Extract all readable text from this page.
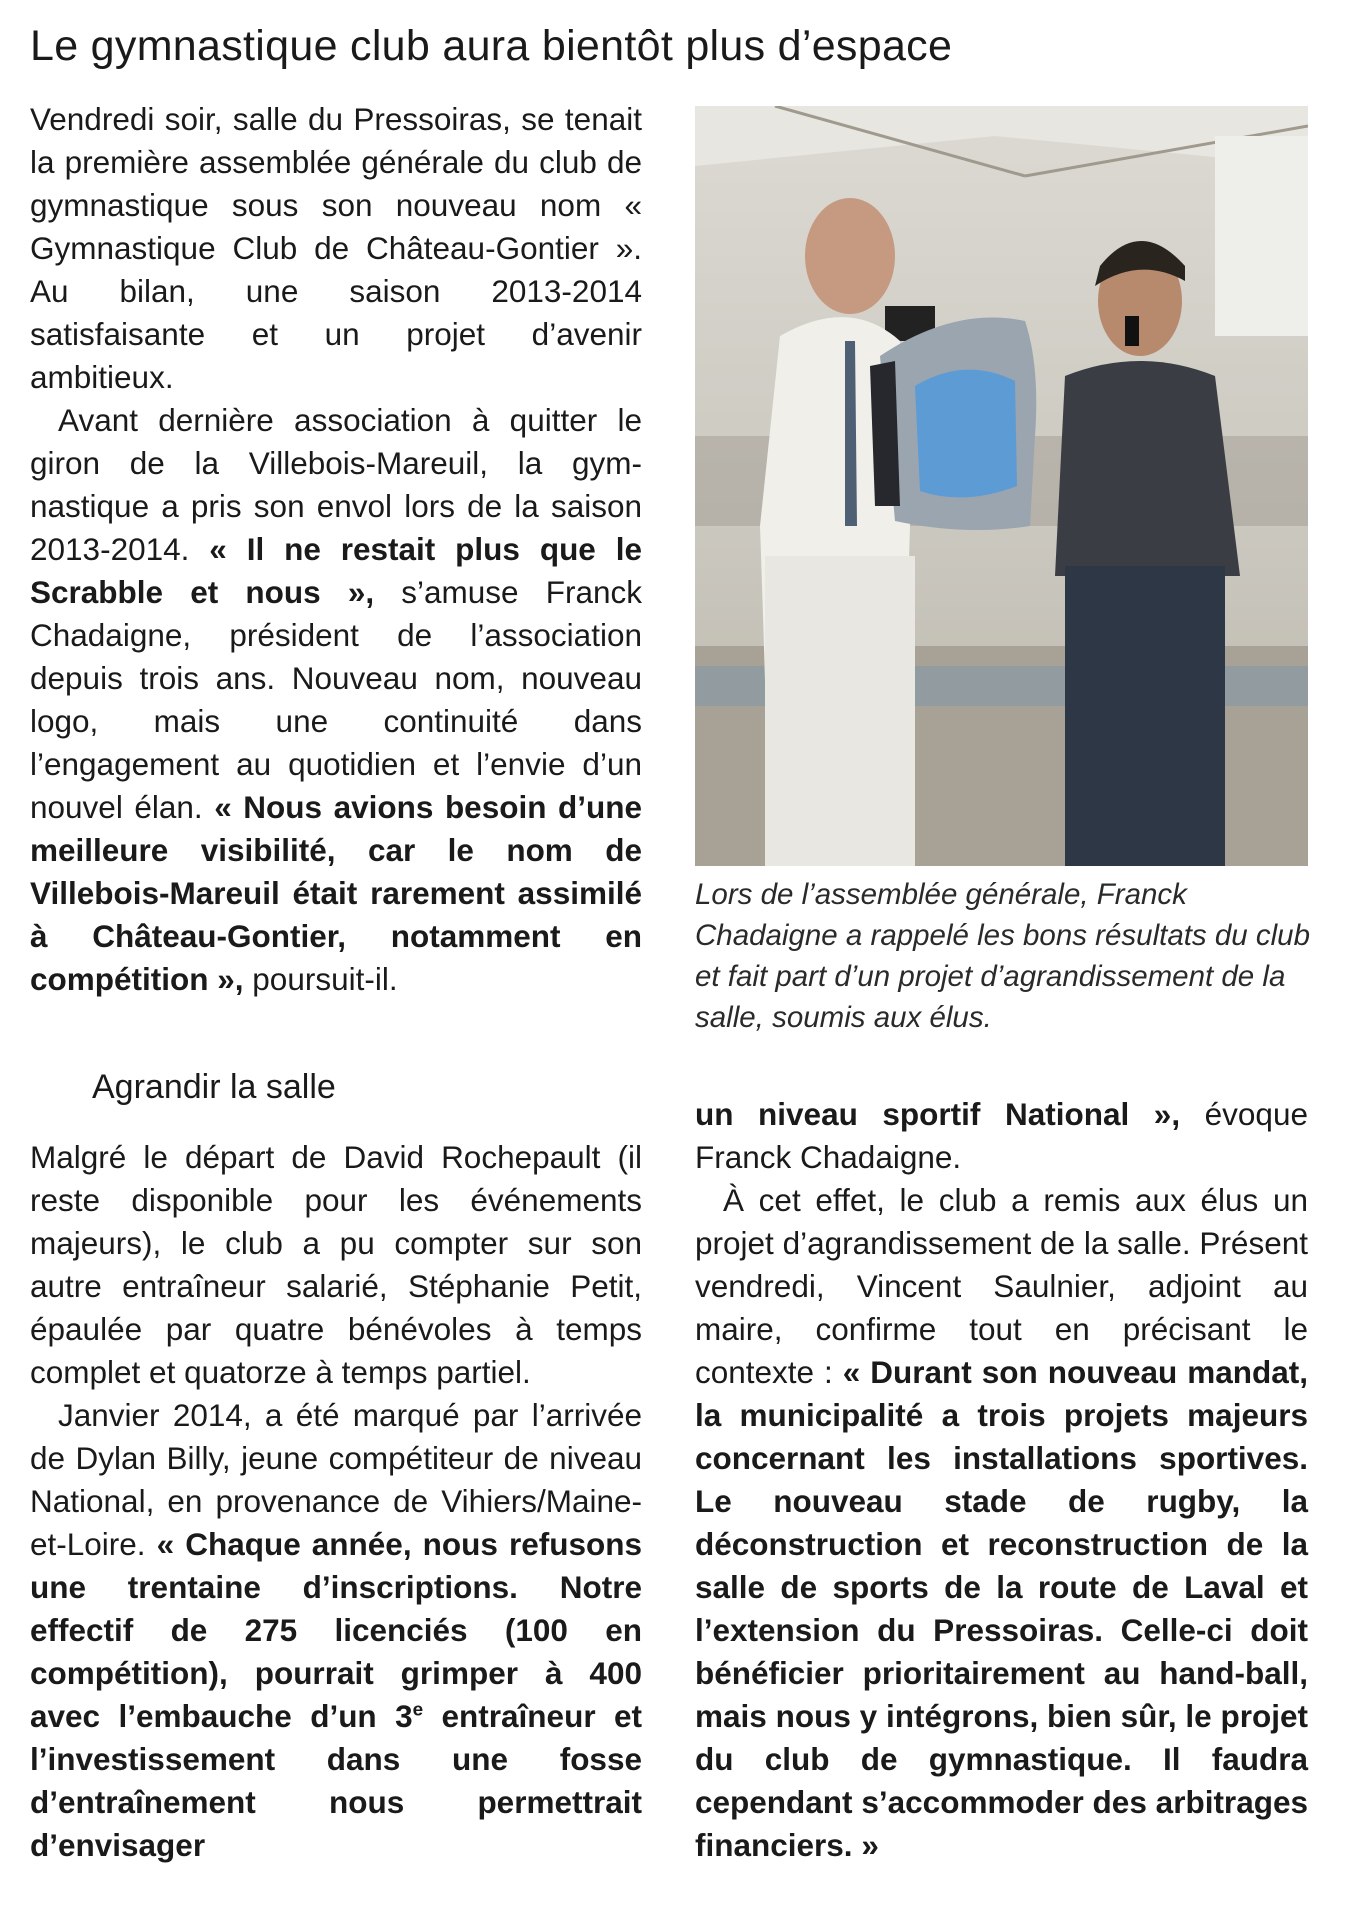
Le gymnastique club aura bientôt plus d’espace

Vendredi soir, salle du Pressoiras, se tenait la première assemblée générale du club de gymnastique sous son nouveau nom « Gymnastique Club de Château-Gontier ». Au bilan, une saison 2013-2014 satisfaisante et un projet d’avenir ambitieux.

Avant dernière association à quitter le giron de la Villebois-Mareuil, la gymnastique a pris son envol lors de la saison 2013-2014. « Il ne restait plus que le Scrabble et nous », s’amuse Franck Chadaigne, président de l’association depuis trois ans. Nouveau nom, nouveau logo, mais une continuité dans l’engagement au quotidien et l’envie d’un nouvel élan. « Nous avions besoin d’une meilleure visibilité, car le nom de Villebois-Mareuil était rarement assimilé à Château-Gontier, notamment en compétition », poursuit-il.

Agrandir la salle

Malgré le départ de David Rochepault (il reste disponible pour les événements majeurs), le club a pu compter sur son autre entraîneur salarié, Stéphanie Petit, épaulée par quatre bénévoles à temps complet et quatorze à temps partiel.

Janvier 2014, a été marqué par l’arrivée de Dylan Billy, jeune compétiteur de niveau National, en provenance de Vihiers/Maine-et-Loire. « Chaque année, nous refusons une trentaine d’inscriptions. Notre effectif de 275 licenciés (100 en compétition), pourrait grimper à 400 avec l’embauche d’un 3e entraîneur et l’investissement dans une fosse d’entraînement nous permettrait d’envisager

Lors de l’assemblée générale, Franck Chadaigne a rappelé les bons résultats du club et fait part d’un projet d’agrandissement de la salle, soumis aux élus.

un niveau sportif National », évoque Franck Chadaigne.

À cet effet, le club a remis aux élus un projet d’agrandissement de la salle. Présent vendredi, Vincent Saulnier, adjoint au maire, confirme tout en précisant le contexte : « Durant son nouveau mandat, la municipalité a trois projets majeurs concernant les installations sportives. Le nouveau stade de rugby, la déconstruction et reconstruction de la salle de sports de la route de Laval et l’extension du Pressoiras. Celle-ci doit bénéficier prioritairement au hand-ball, mais nous y intégrons, bien sûr, le projet du club de gymnastique. Il faudra cependant s’accommoder des arbitrages financiers. »
